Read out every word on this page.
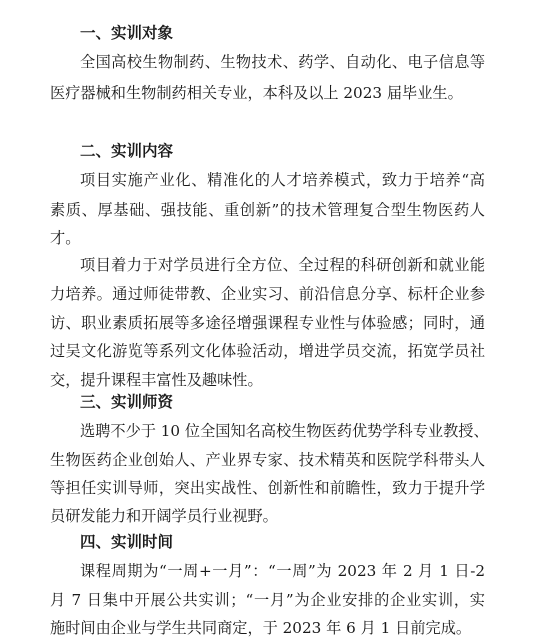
一、实训对象
全国高校生物制药、生物技术、药学、自动化、电子信息等
医疗器械和生物制药相关专业，本科及以上 2023 届毕业生。
二、实训内容
项目实施产业化、精准化的人才培养模式，致力于培养“高
素质、厚基础、强技能、重创新”的技术管理复合型生物医药人
才。
项目着力于对学员进行全方位、全过程的科研创新和就业能
力培养。通过师徒带教、企业实习、前沿信息分享、标杆企业参
访、职业素质拓展等多途径增强课程专业性与体验感；同时，通
过吴文化游览等系列文化体验活动，增进学员交流，拓宽学员社
交，提升课程丰富性及趣味性。
三、实训师资
选聘不少于 10 位全国知名高校生物医药优势学科专业教授、
生物医药企业创始人、产业界专家、技术精英和医院学科带头人
等担任实训导师，突出实战性、创新性和前瞻性，致力于提升学
员研发能力和开阔学员行业视野。
四、实训时间
课程周期为“一周+一月”：“一周”为 2023 年 2 月 1 日-2
月 7 日集中开展公共实训；“一月”为企业安排的企业实训，实
施时间由企业与学生共同商定，于 2023 年 6 月 1 日前完成。
